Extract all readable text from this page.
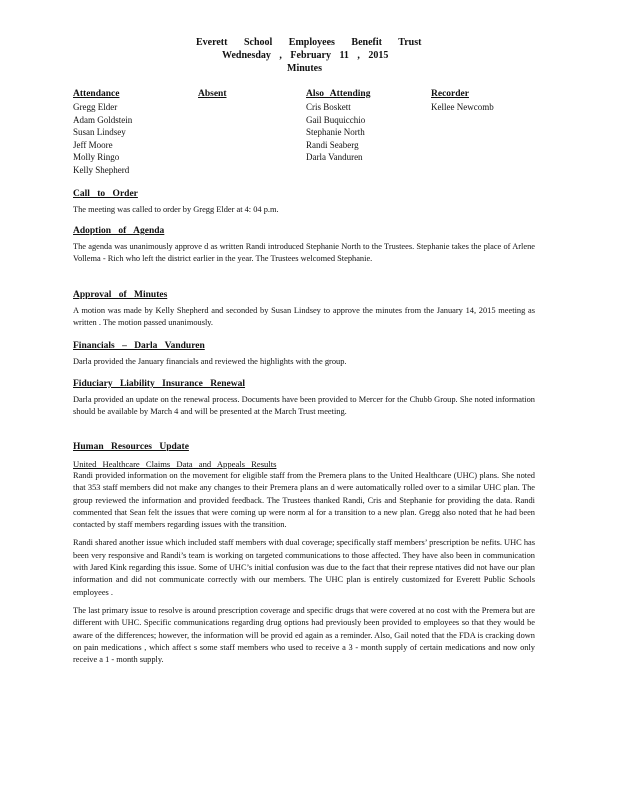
Everett School Employees Benefit Trust
Wednesday , February 11 , 2015
Minutes
Attendance
Gregg Elder
Adam Goldstein
Susan Lindsey
Jeff Moore
Molly Ringo
Kelly Shepherd
Absent	Also Attending
Cris Boskett
Gail Buquicchio
Stephanie North
Randi Seaberg
Darla Vanduren
Recorder
Kellee Newcomb
Call to Order

The meeting was called to order by Gregg Elder at 4: 04 p.m.

Adoption of Agenda

The agenda was unanimously approve d as written Randi introduced Stephanie North to the Trustees. Stephanie takes the place of Arlene Vollema - Rich who left the district earlier in the year. The Trustees welcomed Stephanie.

Approval of Minutes

A motion was made by Kelly Shepherd and seconded by Susan Lindsey to approve the minutes from the January 14, 2015 meeting as written . The motion passed unanimously.

Financials – Darla Vanduren

Darla provided the January financials and reviewed the highlights with the group.

Fiduciary Liability Insurance Renewal

Darla provided an update on the renewal process. Documents have been provided to Mercer for the Chubb Group. She noted information should be available by March 4 and will be presented at the March Trust meeting.

Human Resources Update
United Healthcare Claims Data and Appeals Results

Randi provided information on the movement for eligible staff from the Premera plans to the United Healthcare (UHC) plans. She noted that 353 staff members did not make any changes to their Premera plans an d were automatically rolled over to a similar UHC plan. The group reviewed the information and provided feedback. The Trustees thanked Randi, Cris and Stephanie for providing the data. Randi commented that Sean felt the issues that were coming up were norm al for a transition to a new plan. Gregg also noted that he had been contacted by staff members regarding issues with the transition.

Randi shared another issue which included staff members with dual coverage; specifically staff members’ prescription be nefits. UHC has been very responsive and Randi’s team is working on targeted communications to those affected. They have also been in communication with Jared Kink regarding this issue. Some of UHC’s initial confusion was due to the fact that their represe ntatives did not have our plan information and did not communicate correctly with our members. The UHC plan is entirely customized for Everett Public Schools employees .

The last primary issue to resolve is around prescription coverage and specific drugs that were covered at no cost with the Premera but are different with UHC. Specific communications regarding drug options had previously been provided to employees so that they would be aware of the differences; however, the information will be provid ed again as a reminder. Also, Gail noted that the FDA is cracking down on pain medications , which affect s some staff members who used to receive a 3 - month supply of certain medications and now only receive a 1 - month supply.
